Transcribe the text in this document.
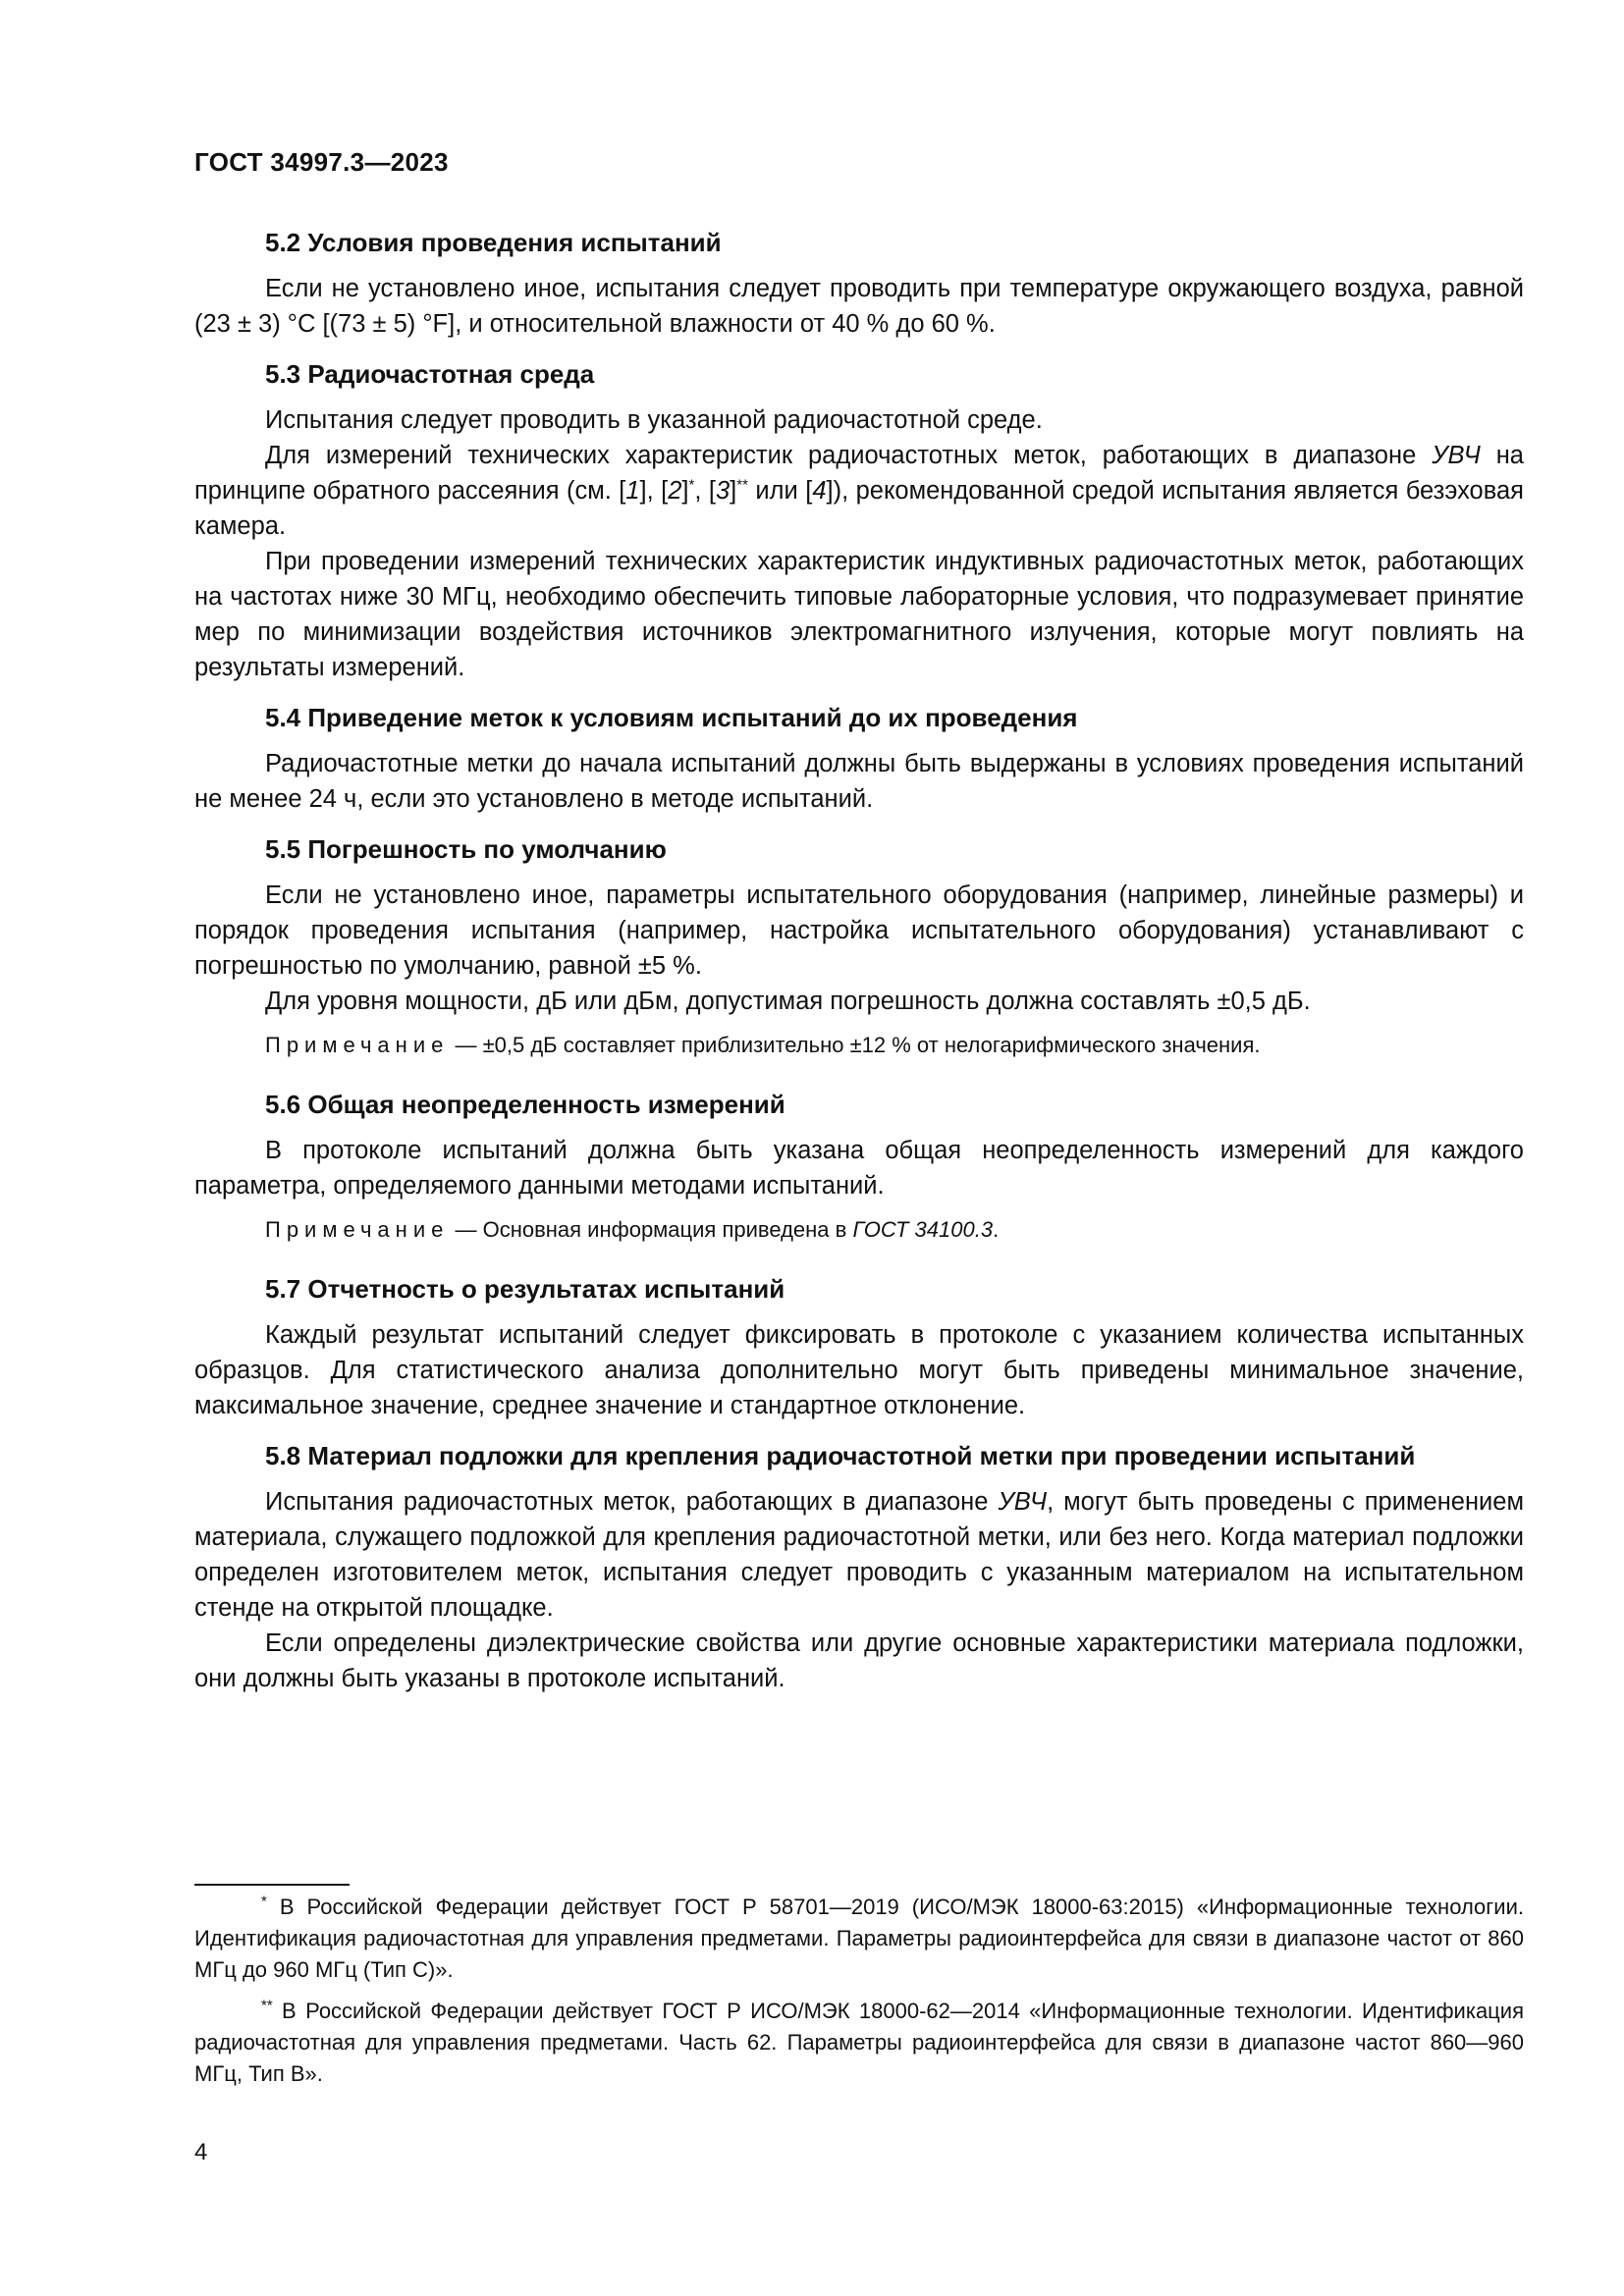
ГОСТ 34997.3—2023
5.2 Условия проведения испытаний

Если не установлено иное, испытания следует проводить при температуре окружающего воздуха, равной (23 ± 3) °С [(73 ± 5) °F], и относительной влажности от 40 % до 60 %.

5.3 Радиочастотная среда

Испытания следует проводить в указанной радиочастотной среде.

Для измерений технических характеристик радиочастотных меток, работающих в диапазоне УВЧ на принципе обратного рассеяния (см. [1], [2]*, [3]** или [4]), рекомендованной средой испытания является безэховая камера.

При проведении измерений технических характеристик индуктивных радиочастотных меток, работающих на частотах ниже 30 МГц, необходимо обеспечить типовые лабораторные условия, что подразумевает принятие мер по минимизации воздействия источников электромагнитного излучения, которые могут повлиять на результаты измерений.

5.4 Приведение меток к условиям испытаний до их проведения

Радиочастотные метки до начала испытаний должны быть выдержаны в условиях проведения испытаний не менее 24 ч, если это установлено в методе испытаний.

5.5 Погрешность по умолчанию

Если не установлено иное, параметры испытательного оборудования (например, линейные размеры) и порядок проведения испытания (например, настройка испытательного оборудования) устанавливают с погрешностью по умолчанию, равной ±5 %.

Для уровня мощности, дБ или дБм, допустимая погрешность должна составлять ±0,5 дБ.

Примечание — ±0,5 дБ составляет приблизительно ±12 % от нелогарифмического значения.
5.6 Общая неопределенность измерений

В протоколе испытаний должна быть указана общая неопределенность измерений для каждого параметра, определяемого данными методами испытаний.

Примечание — Основная информация приведена в ГОСТ 34100.3.
5.7 Отчетность о результатах испытаний

Каждый результат испытаний следует фиксировать в протоколе с указанием количества испытанных образцов. Для статистического анализа дополнительно могут быть приведены минимальное значение, максимальное значение, среднее значение и стандартное отклонение.

5.8 Материал подложки для крепления радиочастотной метки при проведении испытаний

Испытания радиочастотных меток, работающих в диапазоне УВЧ, могут быть проведены с применением материала, служащего подложкой для крепления радиочастотной метки, или без него. Когда материал подложки определен изготовителем меток, испытания следует проводить с указанным материалом на испытательном стенде на открытой площадке.

Если определены диэлектрические свойства или другие основные характеристики материала подложки, они должны быть указаны в протоколе испытаний.

* В Российской Федерации действует ГОСТ Р 58701—2019 (ИСО/МЭК 18000-63:2015) «Информационные технологии. Идентификация радиочастотная для управления предметами. Параметры радиоинтерфейса для связи в диапазоне частот от 860 МГц до 960 МГц (Тип С)».

** В Российской Федерации действует ГОСТ Р ИСО/МЭК 18000-62—2014 «Информационные технологии. Идентификация радиочастотная для управления предметами. Часть 62. Параметры радиоинтерфейса для связи в диапазоне частот 860—960 МГц, Тип В».

4
